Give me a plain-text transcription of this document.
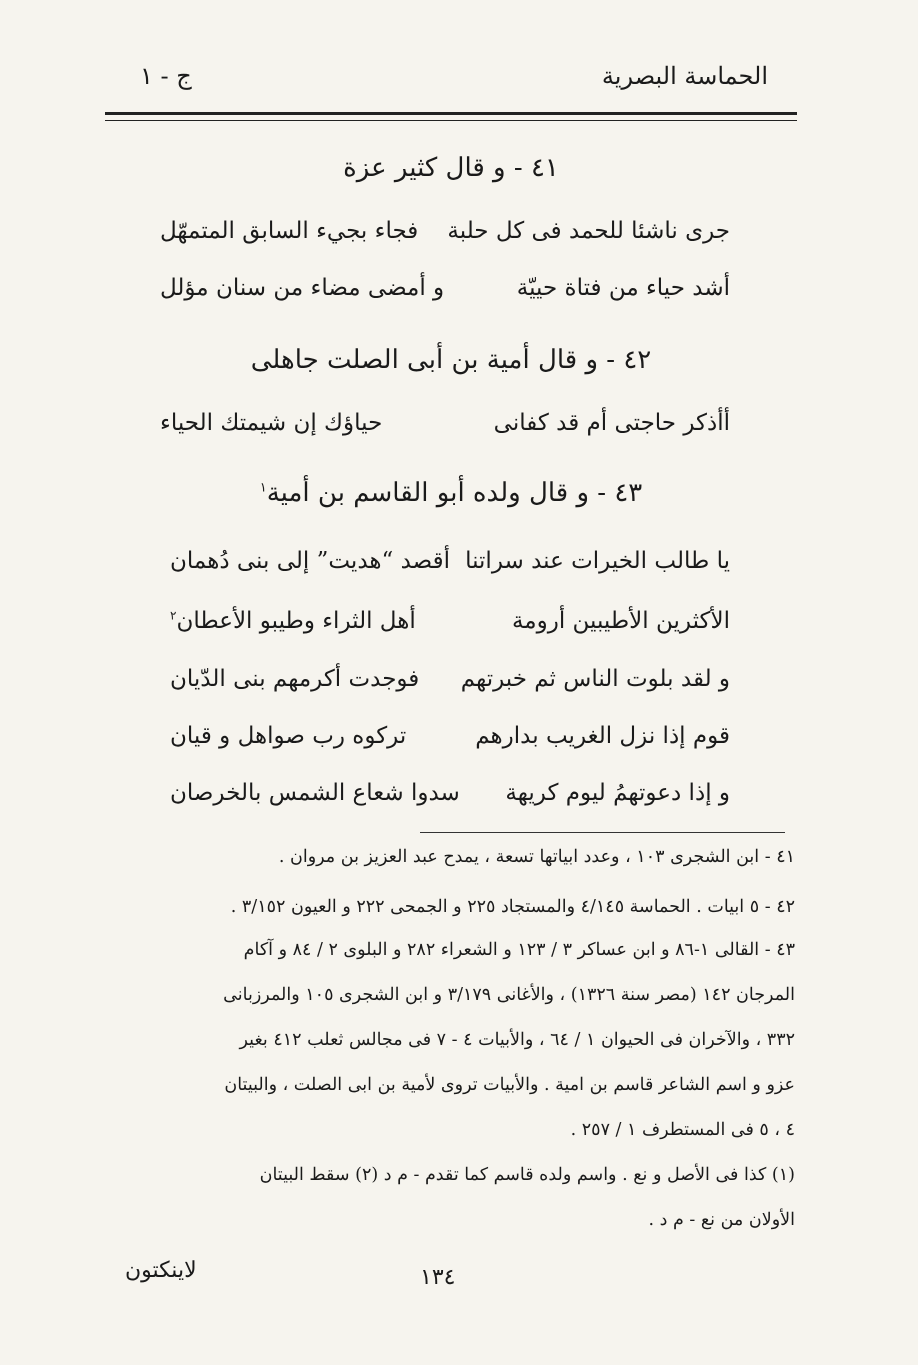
الحماسة البصرية
ج - ١
٤١ - و قال كثير عزة
جرى ناشئا للحمد فى كل حلبة
فجاء بجيء السابق المتمهّل
أشد حياء من فتاة حييّة
و أمضى مضاء من سنان مؤلل
٤٢ - و قال أمية بن أبى الصلت جاهلى
أأذكر حاجتى أم قد كفانى
حياؤك إن شيمتك الحياء
٤٣ - و قال ولده أبو القاسم بن أمية$^١$
يا طالب الخيرات عند سراتنا
أقصد “هديت” إلى بنى دُهمان
الأكثرين الأطيبين أرومة
أهل الثراء وطيبو الأعطان$^٢$
و لقد بلوت الناس ثم خبرتهم
فوجدت أكرمهم بنى الدّيان
قوم إذا نزل الغريب بدارهم
تركوه رب صواهل و قيان
و إذا دعوتهمُ ليوم كريهة
سدوا شعاع الشمس بالخرصان
٤١ - ابن الشجرى ١٠٣ ، وعدد ابياتها تسعة ، يمدح عبد العزيز بن مروان .
٤٢ - ٥ ابيات . الحماسة ٤/١٤٥ والمستجاد ٢٢٥ و الجمحى ٢٢٢ و العيون ٣/١٥٢ .
٤٣ - القالى ١-٨٦ و ابن عساكر ٣ / ١٢٣ و الشعراء ٢٨٢ و البلوى ٢ / ٨٤ و آكام
المرجان ١٤٢ (مصر سنة ١٣٢٦) ، والأغانى ٣/١٧٩ و ابن الشجرى ١٠٥ والمرزبانى
٣٣٢ ، والآخران فى الحيوان ١ / ٦٤ ، والأبيات ٤ - ٧ فى مجالس ثعلب ٤١٢ بغير
عزو و اسم الشاعر قاسم بن امية . والأبيات تروى لأمية بن ابى الصلت ، والبيتان
٤ ، ٥ فى المستطرف ١ / ٢٥٧ .
(١) كذا فى الأصل و نع . واسم ولده قاسم كما تقدم - م د (٢) سقط البيتان
الأولان من نع - م د .
١٣٤
لاينكتون
